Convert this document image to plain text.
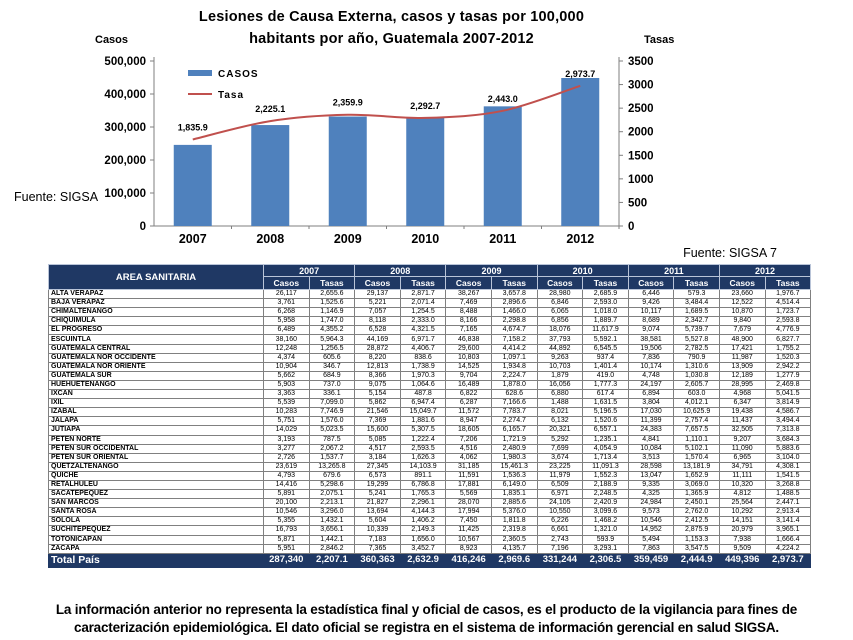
Lesiones de Causa Externa, casos y tasas por 100,000
habitants por año, Guatemala 2007-2012
Casos	Tasas
Fuente: SIGSA
0
100,000
200,000
300,000
400,000
500,000
0
500
1000
1500
2000
2500
3000
3500
2007	2008	2009	2010	2011	2012
1,835.9
2,225.1
2,359.9	2,292.7
2,443.0
2,973.7
CASOS
Tasa
Fuente: SIGSA 7
AREA SANITARIA	2007		2008		2009		2010		2011		2012	
	Casos	Tasas	Casos	Tasas	Casos	Tasas	Casos	Tasas	Casos	Tasas	Casos	Tasas
ALTA VERAPAZ	26,117	2,655.6	29,137	2,871.7	38,267	3,657.8	28,980	2,685.9	6,446	579.3	23,660	1,976.7
BAJA VERAPAZ	3,761	1,525.6	5,221	2,071.4	7,469	2,896.6	6,846	2,593.0	9,426	3,484.4	12,522	4,514.4
CHIMALTENANGO	6,268	1,146.9	7,057	1,254.5	8,488	1,466.0	6,065	1,018.0	10,117	1,689.5	10,870	1,723.7
CHIQUIMULA	5,958	1,747.0	8,118	2,333.0	8,166	2,298.8	6,856	1,889.7	8,689	2,342.7	9,840	2,593.8
EL PROGRESO	6,489	4,355.2	6,528	4,321.5	7,165	4,674.7	18,076	11,617.9	9,074	5,739.7	7,679	4,776.9
ESCUINTLA	38,160	5,964.3	44,169	6,971.7	46,838	7,158.2	37,793	5,592.1	38,581	5,527.8	48,900	6,827.7
GUATEMALA CENTRAL	12,248	1,256.5	28,872	4,406.7	29,600	4,414.2	44,892	6,545.5	19,506	2,782.5	17,421	1,755.2
GUATEMALA NOR OCCIDENTE	4,374	605.6	8,220	838.6	10,803	1,097.1	9,263	937.4	7,836	790.9	11,987	1,520.3
GUATEMALA NOR ORIENTE	10,904	346.7	12,813	1,738.9	14,525	1,934.8	10,703	1,401.4	10,174	1,310.6	13,909	2,942.2
GUATEMALA SUR	5,662	684.9	8,366	1,970.3	9,704	2,224.7	1,879	419.0	4,748	1,030.8	12,189	1,277.9
HUEHUETENANGO	5,903	737.0	9,075	1,064.6	16,489	1,878.0	16,056	1,777.3	24,197	2,605.7	28,995	2,469.8
IXCÁN	3,363	336.1	5,154	487.8	6,822	628.6	6,880	617.4	6,894	603.0	4,968	5,041.5
IXIL	5,539	7,099.0	5,862	6,947.4	6,287	7,166.6	1,488	1,631.5	3,804	4,012.1	6,347	3,814.9
IZABAL	10,283	7,746.9	21,546	15,049.7	11,572	7,783.7	8,021	5,196.5	17,030	10,625.9	19,438	4,586.7
JALAPA	5,751	1,576.0	7,369	1,881.6	8,947	2,274.7	6,132	1,520.6	11,399	2,757.4	11,437	3,494.4
JUTIAPA	14,029	5,023.5	15,600	5,307.5	18,605	6,165.7	20,321	6,557.1	24,383	7,657.5	32,505	7,313.8
PETÉN NORTE	3,193	787.5	5,085	1,222.4	7,206	1,721.9	5,292	1,235.1	4,841	1,110.1	9,207	3,684.3
PETÉN SUR OCCIDENTAL	3,277	2,067.2	4,517	2,593.5	4,516	2,480.9	7,699	4,054.9	10,084	5,102.1	11,090	5,883.6
PETÉN SUR ORIENTAL	2,726	1,537.7	3,184	1,626.3	4,062	1,980.3	3,674	1,713.4	3,513	1,570.4	6,965	3,104.0
QUETZALTENANGO	23,619	13,265.8	27,345	14,103.9	31,185	15,461.3	23,225	11,091.3	28,598	13,181.9	34,791	4,308.1
QUICHÉ	4,793	679.6	6,573	891.1	11,591	1,536.3	11,979	1,552.3	13,047	1,652.9	11,111	1,541.5
RETALHULEU	14,416	5,298.6	19,299	6,786.8	17,881	6,149.0	6,509	2,188.9	9,335	3,069.0	10,320	3,268.8
SACATEPÉQUEZ	5,891	2,075.1	5,241	1,765.3	5,569	1,835.1	6,971	2,248.5	4,325	1,365.9	4,812	1,488.5
SAN MARCOS	20,100	2,213.1	21,827	2,296.1	28,070	2,885.6	24,105	2,420.9	24,984	2,450.1	25,564	2,447.1
SANTA ROSA	10,546	3,296.0	13,694	4,144.3	17,994	5,376.0	10,550	3,099.6	9,573	2,762.0	10,292	2,913.4
SOLOLÁ	5,355	1,432.1	5,604	1,406.2	7,450	1,811.8	6,226	1,468.2	10,546	2,412.5	14,151	3,141.4
SUCHITEPÉQUEZ	16,793	3,656.1	10,339	2,149.3	11,425	2,319.8	6,661	1,321.0	14,952	2,875.9	20,979	3,965.1
TOTONICAPÁN	5,871	1,442.1	7,183	1,656.0	10,567	2,360.5	2,743	593.9	5,494	1,153.3	7,938	1,666.4
ZACAPA	5,951	2,846.2	7,365	3,452.7	8,923	4,135.7	7,196	3,293.1	7,863	3,547.5	9,509	4,224.2
Total País	287,340	2,207.1	360,363	2,632.9	416,246	2,969.6	331,244	2,306.5	359,459	2,444.9	449,396	2,973.7
La información anterior no representa la estadística final y oficial de casos, es el producto de la vigilancia para fines de
caracterización epidemiológica. El dato oficial se registra en el sistema de información gerencial en salud SIGSA.
